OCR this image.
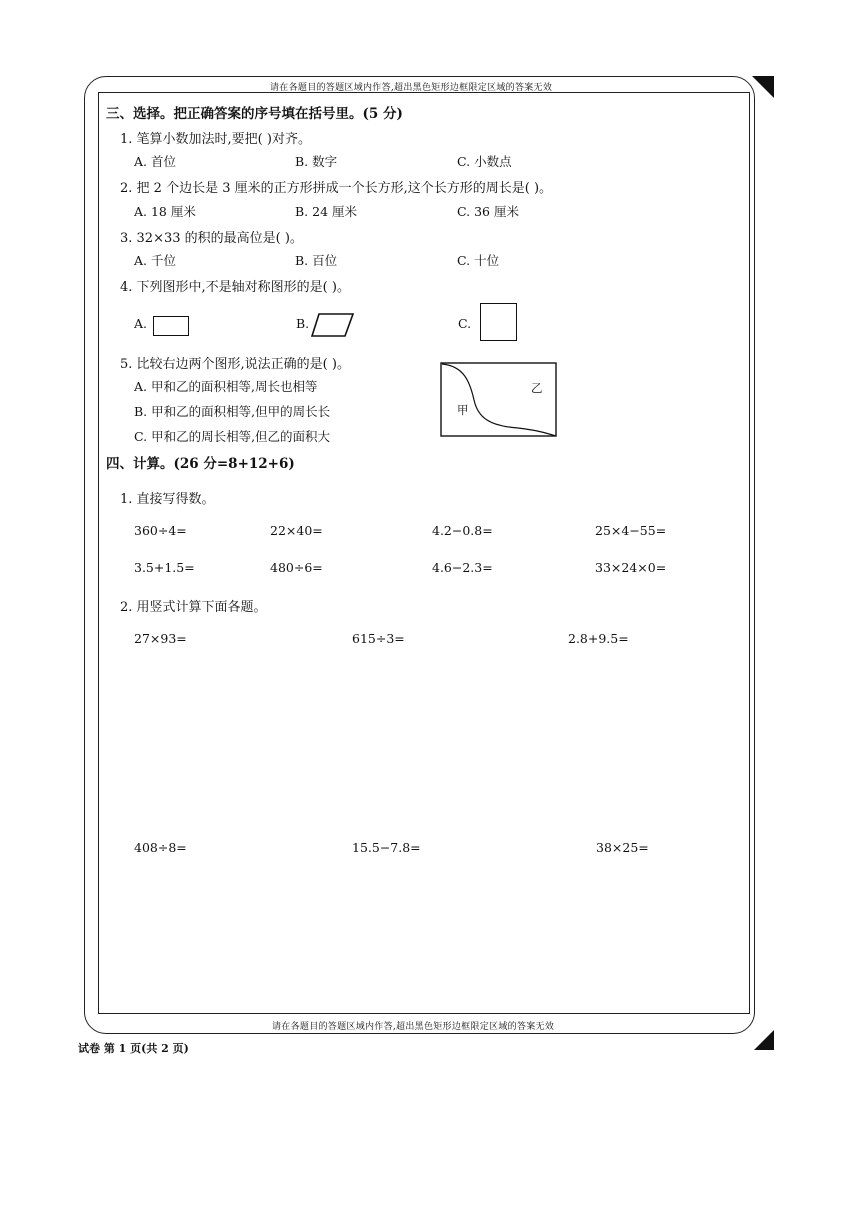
请在各题目的答题区域内作答,超出黑色矩形边框限定区域的答案无效
请在各题目的答题区域内作答,超出黑色矩形边框限定区域的答案无效
试卷 第 1 页(共 2 页)
三、选择。把正确答案的序号填在括号里。(5 分)
1. 笔算小数加法时,要把( )对齐。
A. 首位	B. 数字	C. 小数点
2. 把 2 个边长是 3 厘米的正方形拼成一个长方形,这个长方形的周长是( )。
A. 18 厘米	B. 24 厘米	C. 36 厘米
3. 32×33 的积的最高位是( )。
A. 千位	B. 百位	C. 十位
4. 下列图形中,不是轴对称图形的是( )。
A.	B.	C.
5. 比较右边两个图形,说法正确的是( )。
A. 甲和乙的面积相等,周长也相等
B. 甲和乙的面积相等,但甲的周长长
C. 甲和乙的周长相等,但乙的面积大
甲
乙
四、计算。(26 分=8+12+6)
1. 直接写得数。
360÷4=	22×40=	4.2−0.8=	25×4−55=
3.5+1.5=	480÷6=	4.6−2.3=	33×24×0=
2. 用竖式计算下面各题。
27×93=	615÷3=	2.8+9.5=
408÷8=	15.5−7.8=	38×25=
